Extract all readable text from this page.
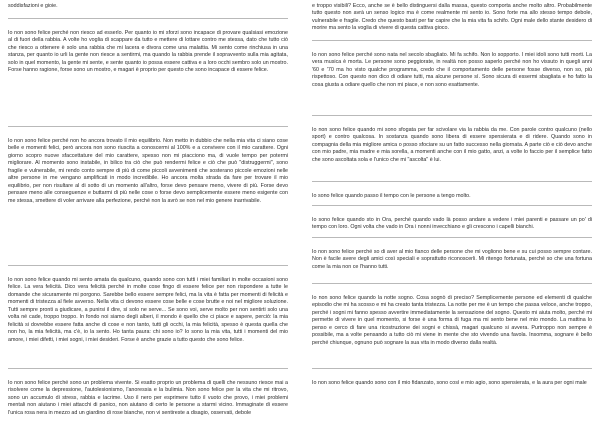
soddisfazioni e gioie.

Io non sono felice perché non riesco ad esserlo. Per quanto io mi sforzi sono incapace di provare qualsiasi emozione al di fuori della rabbia. A volte ho voglia di scappare da tutto e mettere di lottare contro me stessa, dato che tutto ciò che riesco a ottenere è solo una rabbia che mi lacera e divora come una malattia. Mi sento come rinchiusa in una stanza, per quanto io urli la gente non riesce a sentirmi, ma quando la rabbia prende il sopravvento sulla mia agitata, solo in quel momento, la gente mi sente, e sente quanto io possa essere cattiva e a loro occhi sembro solo un mostro. Forse hanno ragione, forse sono un mostro, e magari è proprio per questo che sono incapace di essere felice.

Io non sono felice perché non ho ancora trovato il mio equilibrio. Non metto in dubbio che nella mia vita ci siano cose belle e momenti felici, però ancora non sono riuscita a conoscermi al 100% e a convivere con il mio carattere. Ogni giorno scopro nuove sfaccettature del mio carattere, spesso non mi piacciono ma, di vuole tempo per potermi migliorare. Al momento sono instabile, in bilico tra ciò che può rendermi felice e ciò che può "distruggermi", sono fragile e vulnerabile, mi rendo conto sempre di più di come piccoli avvenimenti che sosterano piccole emozioni nelle altre persone in me vengano amplificati in modo incredibile. Ho ancora molta strada da fare per trovare il mio equilibrio, per non risultare al di sotto di un momento all'altro, forse devo pensare meno, vivere di più. Forse devo pensare meno alle conseguenze e buttarmi di più nelle cose o forse devo semplicemente essere meno esigente con me stessa, smettere di voler arrivare alla perfezione, perché non la avrò se non nel mio genere inarrivabile.

Io non sono felice quando mi sento amata da qualcuno, quando sono con tutti i miei familiari in molte occasioni sono felice. La vera felicità. Dico vera felicità perché in molte cose fingo di essere felice per non rispondere a tutte le domande che sicuramente mi porgono. Sarebbe bello essere sempre felici, ma la vita è fatta per momenti di felicità e momenti di tristezza al fiele avverso. Nella vita ci devono essere cose belle e cose brutte e noi nel migliore soluzione. Tutti sempre pronti a giudicare, a punirsi il dire, sì solo ne serve... Se sono voi, serve molto per non sentirti solo una volta né cade, troppo troppo. In fondo noi siamo degli alberi, il mondo è quello che ci piace e sapere, perciò: la mia felicità si dovrebbe essere fatta anche di cose e non tanto, tutti gli occhi, la mia felicità, spesso è questa quella che non ho, la mia felicità, ma c'è, io la sento. Ho tanta paura: chi sono io? Io sono la mia vita, tutti i momenti del mio amore, i miei difetti, i miei sogni, i miei desideri. Forse è anche grazie a tutto questo che sono felice.

Io non sono felice perché sono un problema vivente. Si esatto proprio un problema di quelli che nessuno riesce mai a risolvere come la depressione, l'autolesionismo, l'anoressia e la bulimia. Non sono felice per la vita che mi ritrovo, sono un accumulo di stress, rabbia e lacrime. Uso il nero per esprimere tutto il vuoto che provo, i miei problemi mentali non aiutano i miei attacchi di panico, non aiutano di certo le persone a starmi vicino. Immaginate di essere l'unica rosa nera in mezzo ad un giardino di rose bianche, non vi sentireste a disagio, osservati, debole

e troppo visibili? Ecco, anche se è bello distinguersi dalla massa, questo comporta anche molto altro. Probabilmente tutto questo non avrà un senso logico ma è come realmente mi sento io. Sono forte ma allo stesso tempo debole, vulnerabile e fragile. Credo che questo basti per far capire che la mia vita fa schifo. Ogni male dello stante desidero di morire ma sento la voglia di vivere di questa cattiva gioco.

Io non sono felice perché sono nata nel secolo sbagliato. Mi fa schifo. Non lo sopporto. I miei idoli sono tutti morti. La vera musica è morta. Le persone sono peggiorate, in realtà non posso saperlo perché non ho vissuto in quegli anni '60 e '70 ma ho visto qualche programma, credo che il comportamento delle persone fosse diverso, non so, più rispettoso. Con questo non dico di odiare tutti, ma alcune persone sì. Sono sicura di essermi sbagliata e ho fatto la cosa giusta a odiare quello che non mi piace, e non sono esattamente.

Io non sono felice quando mi sono sfogata per far scivolare via la rabbia da me. Con parole contro qualcuno (nello sport) e contro qualcosa. In sostanza quando sono libera di essere spensierata e di ridere. Quando sono in compagnia della mia migliore amica o posso sfociare su un fatto successo nella giornata. A parte ciò e ciò devo anche con mio padre, mia madre e mia sorella, a momenti anche con il mio gatto, anzi, a volte lo faccio per il semplice fatto che sono ascoltata sola e l'unico che mi "ascolta" è lui.

Io sono felice quando passo il tempo con le persone a tengo molto.

Io sono felice quando sto in Ora, perché quando vado là posso andare a vedere i miei parenti e passare un po' di tempo con loro. Ogni volta che vado in Ora i nonni invecchiano e gli crescono i capelli bianchi.

Io non sono felice perché so di aver al mio fianco delle persone che mi vogliono bene e su cui posso sempre contare. Non è facile avere degli amici così speciali e soprattutto riconoscerli. Mi ritengo fortunata, perché so che una fortuna come la mia non ce l'hanno tutti.

Io non sono felice quando la notte sogno. Cosa sognò di preciso? Semplicemente persone ed elementi di qualche episodio che mi ha scosso e mi ha creato tanta tristezza. La notte per me è un tempo che passa veloce, anche troppo, perché i sogni mi fanno spesso avvertire immediatamente la sensazione del sogno. Questo mi aiuta molto, perché mi permette di vivere in quel momento, si forse è una forma di fuga ma mi sento bene nel mio mondo. La mattina lo penso e cerco di fare una ricostruzione dei sogni e chissà, magari qualcuno si avvera. Purtroppo non sempre è possibile, ma a volte pensando a tutto ciò mi viene in mente che sto vivendo una favola. Insomma, sognare è bello perché chiunque, ognuno può sognare la sua vita in modo diverso dalla realtà.

Io non sono felice quando sono con il mio fidanzato, sono così e mio agio, sono spensierata, e la aura per ogni male
